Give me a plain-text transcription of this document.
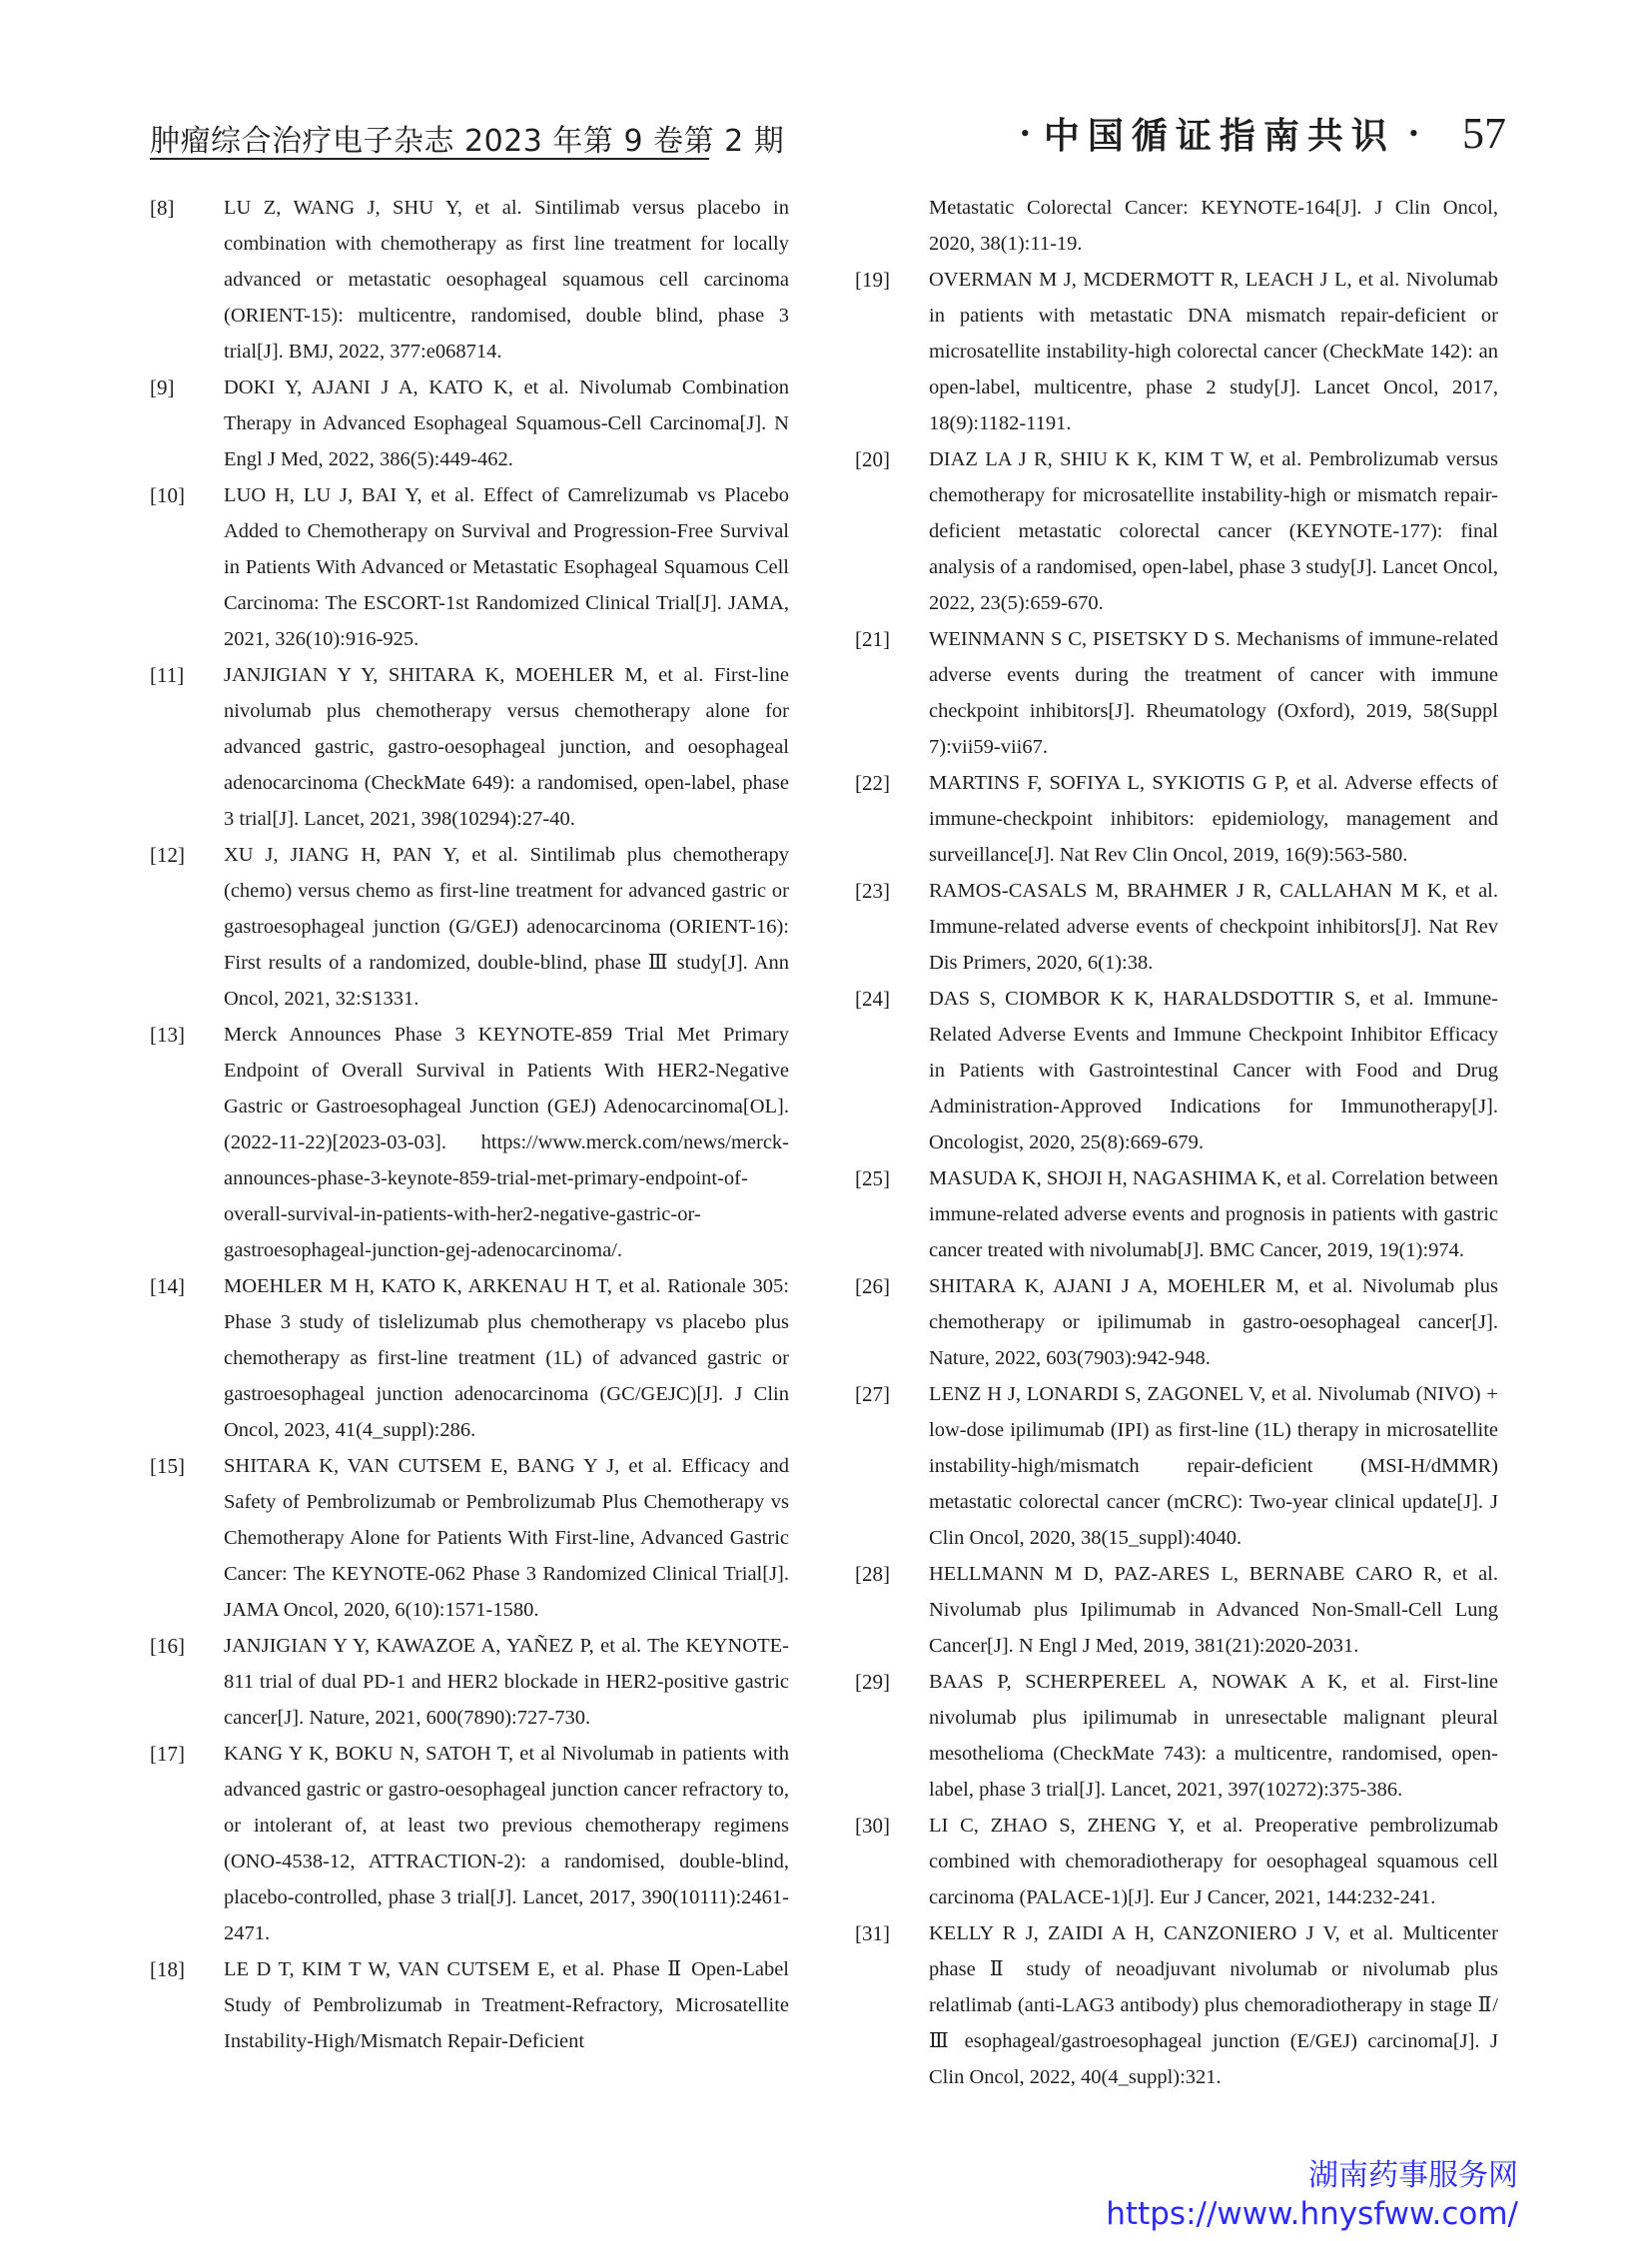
肿瘤综合治疗电子杂志 2023 年第 9 卷第 2 期	• 中国循证指南共识 • 57
[8]	LU Z, WANG J, SHU Y, et al. Sintilimab versus placebo in combination with chemotherapy as first line treatment for locally advanced or metastatic oesophageal squamous cell carcinoma (ORIENT-15): multicentre, randomised, double blind, phase 3 trial[J]. BMJ, 2022, 377:e068714.
[9]	DOKI Y, AJANI J A, KATO K, et al. Nivolumab Combination Therapy in Advanced Esophageal Squamous-Cell Carcinoma[J]. N Engl J Med, 2022, 386(5):449-462.
[10]	LUO H, LU J, BAI Y, et al. Effect of Camrelizumab vs Placebo Added to Chemotherapy on Survival and Progression-Free Survival in Patients With Advanced or Metastatic Esophageal Squamous Cell Carcinoma: The ESCORT-1st Randomized Clinical Trial[J]. JAMA, 2021, 326(10):916-925.
[11]	JANJIGIAN Y Y, SHITARA K, MOEHLER M, et al. First-line nivolumab plus chemotherapy versus chemotherapy alone for advanced gastric, gastro-oesophageal junction, and oesophageal adenocarcinoma (CheckMate 649): a randomised, open-label, phase 3 trial[J]. Lancet, 2021, 398(10294):27-40.
[12]	XU J, JIANG H, PAN Y, et al. Sintilimab plus chemotherapy (chemo) versus chemo as first-line treatment for advanced gastric or gastroesophageal junction (G/GEJ) adenocarcinoma (ORIENT-16): First results of a randomized, double-blind, phase Ⅲ study[J]. Ann Oncol, 2021, 32:S1331.
[13]	Merck Announces Phase 3 KEYNOTE-859 Trial Met Primary Endpoint of Overall Survival in Patients With HER2-Negative Gastric or Gastroesophageal Junction (GEJ) Adenocarcinoma[OL]. (2022-11-22)[2023-03-03]. https://www.merck.com/news/merck-announces-phase-3-keynote-859-trial-met-primary-endpoint-of-overall-survival-in-patients-with-her2-negative-gastric-or-gastroesophageal-junction-gej-adenocarcinoma/.
[14]	MOEHLER M H, KATO K, ARKENAU H T, et al. Rationale 305: Phase 3 study of tislelizumab plus chemotherapy vs placebo plus chemotherapy as first-line treatment (1L) of advanced gastric or gastroesophageal junction adenocarcinoma (GC/GEJC)[J]. J Clin Oncol, 2023, 41(4_suppl):286.
[15]	SHITARA K, VAN CUTSEM E, BANG Y J, et al. Efficacy and Safety of Pembrolizumab or Pembrolizumab Plus Chemotherapy vs Chemotherapy Alone for Patients With First-line, Advanced Gastric Cancer: The KEYNOTE-062 Phase 3 Randomized Clinical Trial[J]. JAMA Oncol, 2020, 6(10):1571-1580.
[16]	JANJIGIAN Y Y, KAWAZOE A, YAÑEZ P, et al. The KEYNOTE-811 trial of dual PD-1 and HER2 blockade in HER2-positive gastric cancer[J]. Nature, 2021, 600(7890):727-730.
[17]	KANG Y K, BOKU N, SATOH T, et al Nivolumab in patients with advanced gastric or gastro-oesophageal junction cancer refractory to, or intolerant of, at least two previous chemotherapy regimens (ONO-4538-12, ATTRACTION-2): a randomised, double-blind, placebo-controlled, phase 3 trial[J]. Lancet, 2017, 390(10111):2461-2471.
[18]	LE D T, KIM T W, VAN CUTSEM E, et al. Phase Ⅱ Open-Label Study of Pembrolizumab in Treatment-Refractory, Microsatellite Instability-High/Mismatch Repair-Deficient
Metastatic Colorectal Cancer: KEYNOTE-164[J]. J Clin Oncol, 2020, 38(1):11-19.
[19]	OVERMAN M J, MCDERMOTT R, LEACH J L, et al. Nivolumab in patients with metastatic DNA mismatch repair-deficient or microsatellite instability-high colorectal cancer (CheckMate 142): an open-label, multicentre, phase 2 study[J]. Lancet Oncol, 2017, 18(9):1182-1191.
[20]	DIAZ LA J R, SHIU K K, KIM T W, et al. Pembrolizumab versus chemotherapy for microsatellite instability-high or mismatch repair-deficient metastatic colorectal cancer (KEYNOTE-177): final analysis of a randomised, open-label, phase 3 study[J]. Lancet Oncol, 2022, 23(5):659-670.
[21]	WEINMANN S C, PISETSKY D S. Mechanisms of immune-related adverse events during the treatment of cancer with immune checkpoint inhibitors[J]. Rheumatology (Oxford), 2019, 58(Suppl 7):vii59-vii67.
[22]	MARTINS F, SOFIYA L, SYKIOTIS G P, et al. Adverse effects of immune-checkpoint inhibitors: epidemiology, management and surveillance[J]. Nat Rev Clin Oncol, 2019, 16(9):563-580.
[23]	RAMOS-CASALS M, BRAHMER J R, CALLAHAN M K, et al. Immune-related adverse events of checkpoint inhibitors[J]. Nat Rev Dis Primers, 2020, 6(1):38.
[24]	DAS S, CIOMBOR K K, HARALDSDOTTIR S, et al. Immune-Related Adverse Events and Immune Checkpoint Inhibitor Efficacy in Patients with Gastrointestinal Cancer with Food and Drug Administration-Approved Indications for Immunotherapy[J]. Oncologist, 2020, 25(8):669-679.
[25]	MASUDA K, SHOJI H, NAGASHIMA K, et al. Correlation between immune-related adverse events and prognosis in patients with gastric cancer treated with nivolumab[J]. BMC Cancer, 2019, 19(1):974.
[26]	SHITARA K, AJANI J A, MOEHLER M, et al. Nivolumab plus chemotherapy or ipilimumab in gastro-oesophageal cancer[J]. Nature, 2022, 603(7903):942-948.
[27]	LENZ H J, LONARDI S, ZAGONEL V, et al. Nivolumab (NIVO) + low-dose ipilimumab (IPI) as first-line (1L) therapy in microsatellite instability-high/mismatch repair-deficient (MSI-H/dMMR) metastatic colorectal cancer (mCRC): Two-year clinical update[J]. J Clin Oncol, 2020, 38(15_suppl):4040.
[28]	HELLMANN M D, PAZ-ARES L, BERNABE CARO R, et al. Nivolumab plus Ipilimumab in Advanced Non-Small-Cell Lung Cancer[J]. N Engl J Med, 2019, 381(21):2020-2031.
[29]	BAAS P, SCHERPEREEL A, NOWAK A K, et al. First-line nivolumab plus ipilimumab in unresectable malignant pleural mesothelioma (CheckMate 743): a multicentre, randomised, open-label, phase 3 trial[J]. Lancet, 2021, 397(10272):375-386.
[30]	LI C, ZHAO S, ZHENG Y, et al. Preoperative pembrolizumab combined with chemoradiotherapy for oesophageal squamous cell carcinoma (PALACE-1)[J]. Eur J Cancer, 2021, 144:232-241.
[31]	KELLY R J, ZAIDI A H, CANZONIERO J V, et al. Multicenter phase Ⅱ study of neoadjuvant nivolumab or nivolumab plus relatlimab (anti-LAG3 antibody) plus chemoradiotherapy in stage Ⅱ/Ⅲ esophageal/gastroesophageal junction (E/GEJ) carcinoma[J]. J Clin Oncol, 2022, 40(4_suppl):321.
湖南药事服务网
https://www.hnysfww.com/
